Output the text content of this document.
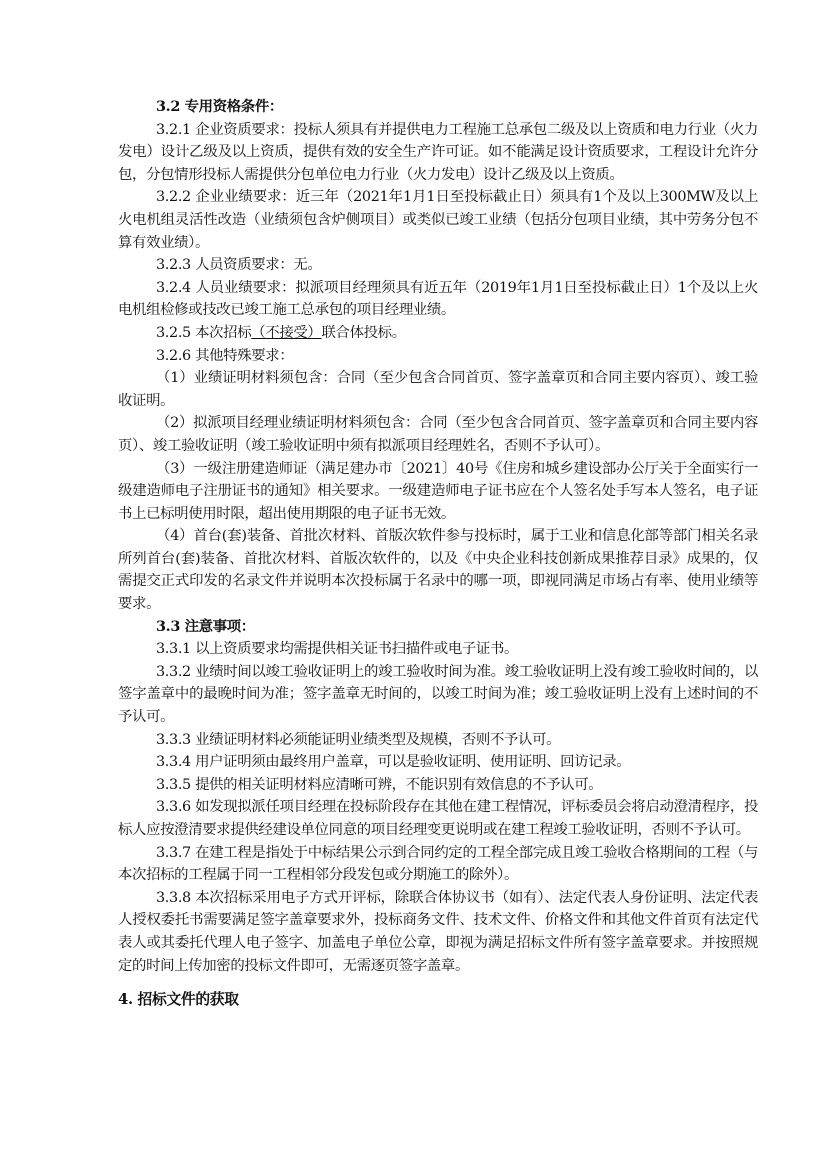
3.2 专用资格条件：

3.2.1 企业资质要求：投标人须具有并提供电力工程施工总承包二级及以上资质和电力行业（火力发电）设计乙级及以上资质，提供有效的安全生产许可证。如不能满足设计资质要求，工程设计允许分包，分包情形投标人需提供分包单位电力行业（火力发电）设计乙级及以上资质。

3.2.2 企业业绩要求：近三年（2021年1月1日至投标截止日）须具有1个及以上300MW及以上火电机组灵活性改造（业绩须包含炉侧项目）或类似已竣工业绩（包括分包项目业绩，其中劳务分包不算有效业绩）。

3.2.3 人员资质要求：无。

3.2.4 人员业绩要求：拟派项目经理须具有近五年（2019年1月1日至投标截止日）1个及以上火电机组检修或技改已竣工施工总承包的项目经理业绩。

3.2.5 本次招标（不接受）联合体投标。

3.2.6 其他特殊要求：

（1）业绩证明材料须包含：合同（至少包含合同首页、签字盖章页和合同主要内容页）、竣工验收证明。

（2）拟派项目经理业绩证明材料须包含：合同（至少包含合同首页、签字盖章页和合同主要内容页）、竣工验收证明（竣工验收证明中须有拟派项目经理姓名，否则不予认可）。

（3）一级注册建造师证（满足建办市〔2021〕40号《住房和城乡建设部办公厅关于全面实行一级建造师电子注册证书的通知》相关要求。一级建造师电子证书应在个人签名处手写本人签名，电子证书上已标明使用时限，超出使用期限的电子证书无效。

（4）首台(套)装备、首批次材料、首版次软件参与投标时，属于工业和信息化部等部门相关名录所列首台(套)装备、首批次材料、首版次软件的，以及《中央企业科技创新成果推荐目录》成果的，仅需提交正式印发的名录文件并说明本次投标属于名录中的哪一项，即视同满足市场占有率、使用业绩等要求。

3.3 注意事项：

3.3.1 以上资质要求均需提供相关证书扫描件或电子证书。

3.3.2 业绩时间以竣工验收证明上的竣工验收时间为准。竣工验收证明上没有竣工验收时间的，以签字盖章中的最晚时间为准；签字盖章无时间的，以竣工时间为准；竣工验收证明上没有上述时间的不予认可。

3.3.3 业绩证明材料必须能证明业绩类型及规模，否则不予认可。

3.3.4 用户证明须由最终用户盖章，可以是验收证明、使用证明、回访记录。

3.3.5 提供的相关证明材料应清晰可辨，不能识别有效信息的不予认可。

3.3.6 如发现拟派任项目经理在投标阶段存在其他在建工程情况，评标委员会将启动澄清程序，投标人应按澄清要求提供经建设单位同意的项目经理变更说明或在建工程竣工验收证明，否则不予认可。

3.3.7 在建工程是指处于中标结果公示到合同约定的工程全部完成且竣工验收合格期间的工程（与本次招标的工程属于同一工程相邻分段发包或分期施工的除外）。

3.3.8 本次招标采用电子方式开评标，除联合体协议书（如有）、法定代表人身份证明、法定代表人授权委托书需要满足签字盖章要求外，投标商务文件、技术文件、价格文件和其他文件首页有法定代表人或其委托代理人电子签字、加盖电子单位公章，即视为满足招标文件所有签字盖章要求。并按照规定的时间上传加密的投标文件即可，无需逐页签字盖章。

4. 招标文件的获取
